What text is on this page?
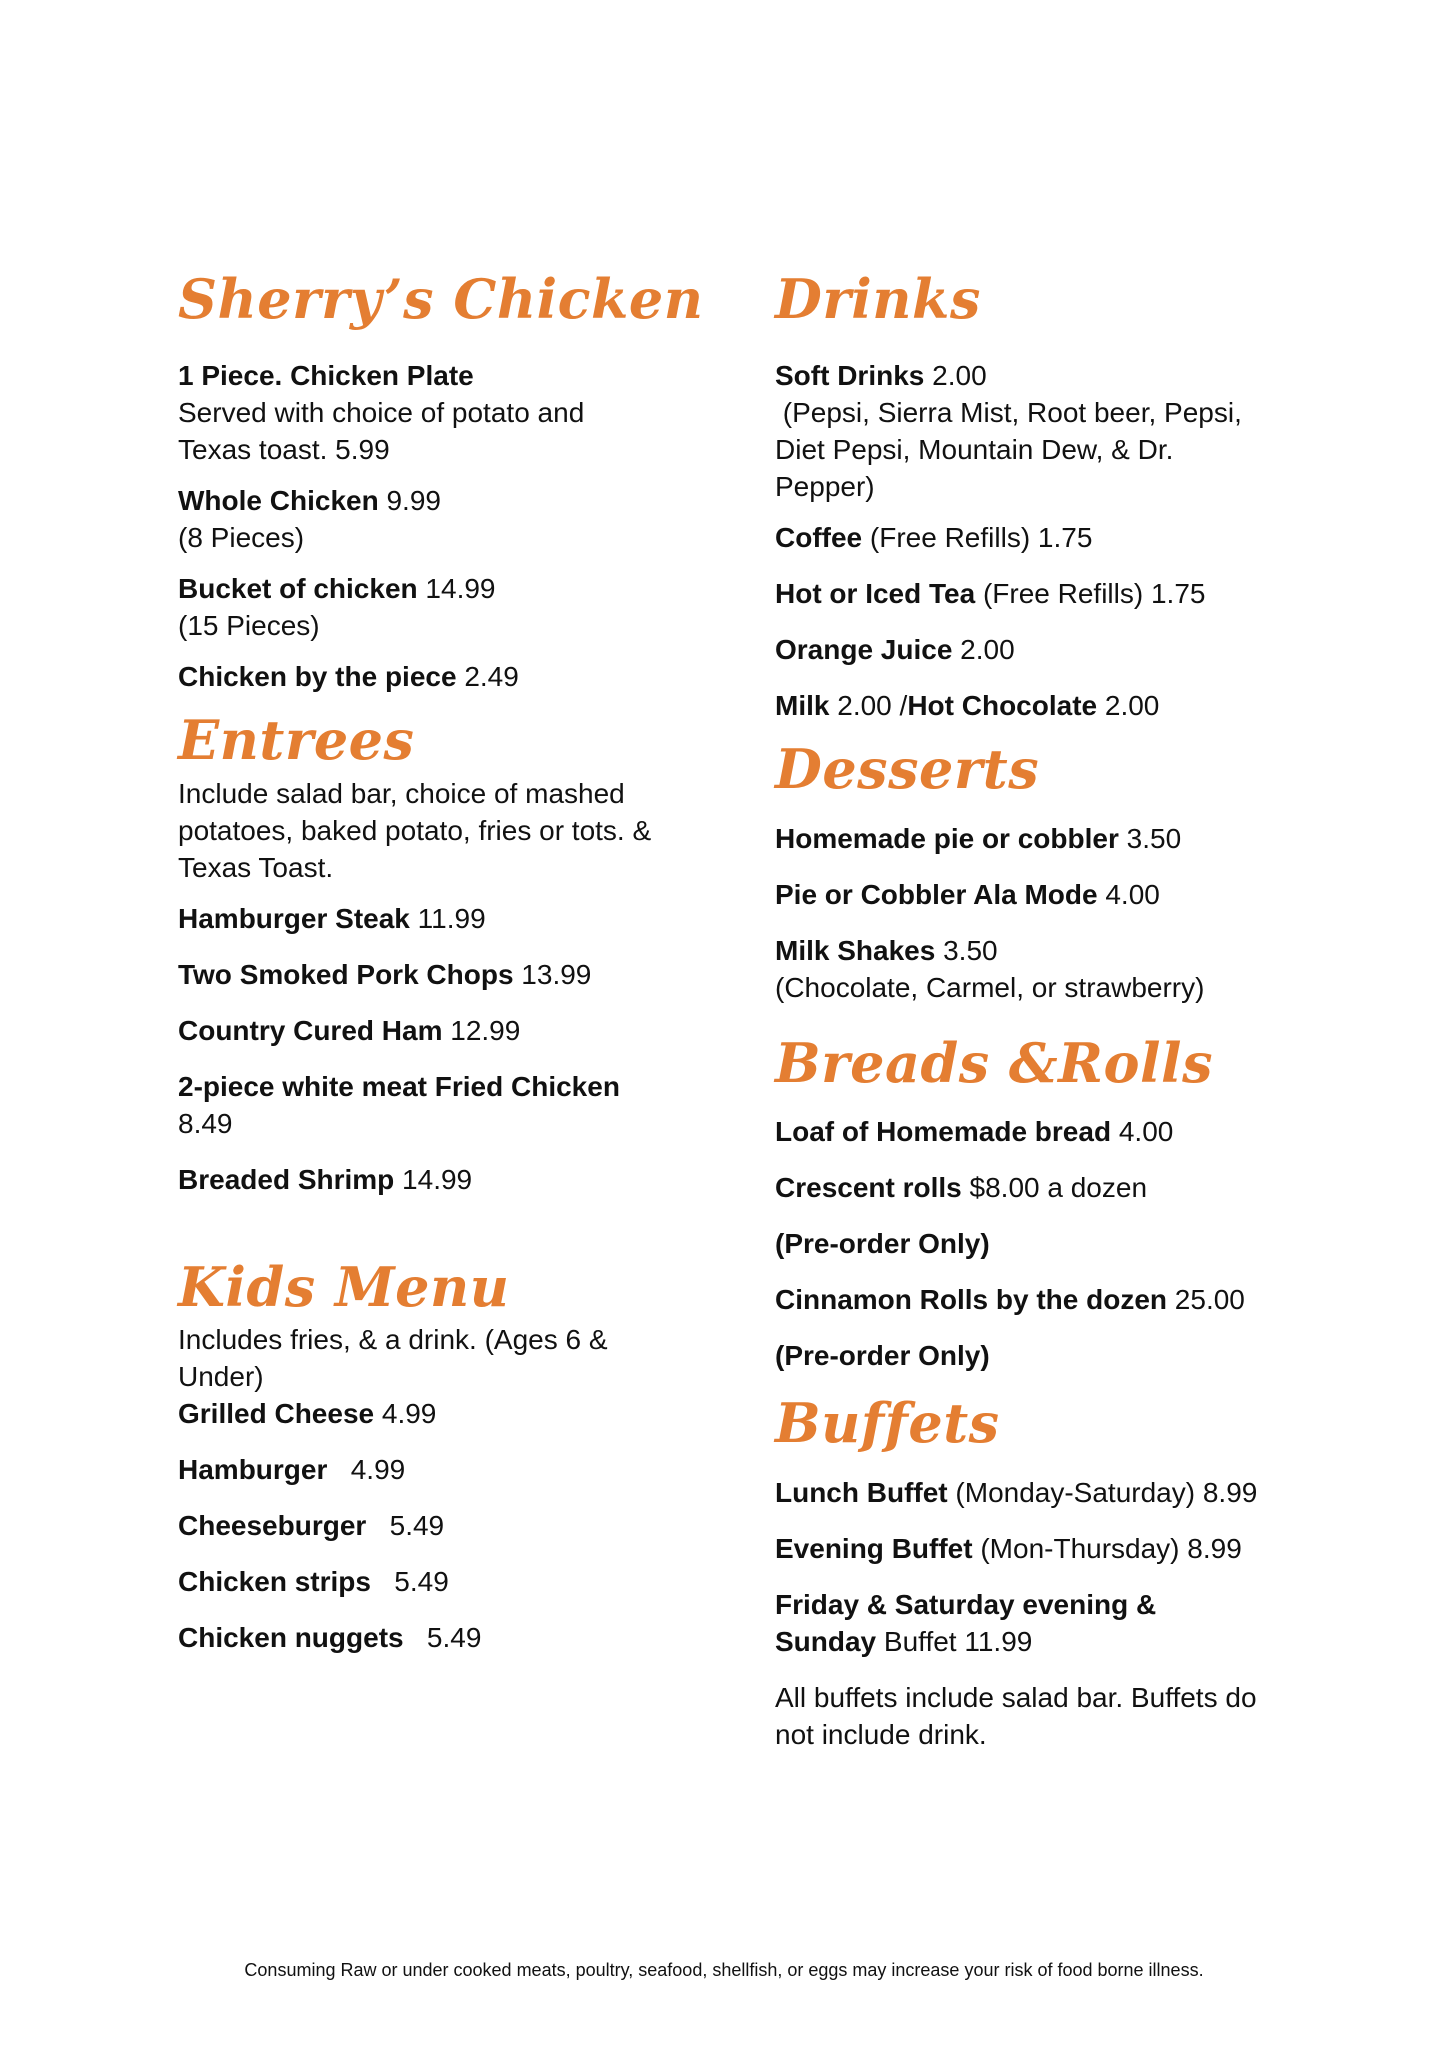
Sherry’s Chicken

1 Piece. Chicken Plate

Served with choice of potato and

Texas toast. 5.99

Whole Chicken 9.99

(8 Pieces)

Bucket of chicken 14.99

(15 Pieces)

Chicken by the piece 2.49

Entrees

Include salad bar, choice of mashed

potatoes, baked potato, fries or tots. &

Texas Toast.

Hamburger Steak 11.99

Two Smoked Pork Chops 13.99

Country Cured Ham 12.99

2-piece white meat Fried Chicken

8.49

Breaded Shrimp 14.99

Kids Menu

Includes fries, & a drink. (Ages 6 &

Under)

Grilled Cheese 4.99

Hamburger   4.99

Cheeseburger   5.49

Chicken strips   5.49

Chicken nuggets   5.49

Drinks

Soft Drinks 2.00

(Pepsi, Sierra Mist, Root beer, Pepsi,

Diet Pepsi, Mountain Dew, & Dr.

Pepper)

Coffee (Free Refills) 1.75

Hot or Iced Tea (Free Refills) 1.75

Orange Juice 2.00

Milk 2.00 /Hot Chocolate 2.00

Desserts

Homemade pie or cobbler 3.50

Pie or Cobbler Ala Mode 4.00

Milk Shakes 3.50

(Chocolate, Carmel, or strawberry)

Breads &Rolls

Loaf of Homemade bread 4.00

Crescent rolls $8.00 a dozen

(Pre-order Only)

Cinnamon Rolls by the dozen 25.00

(Pre-order Only)

Buffets

Lunch Buffet (Monday-Saturday) 8.99

Evening Buffet (Mon-Thursday) 8.99

Friday & Saturday evening &

Sunday Buffet 11.99

All buffets include salad bar. Buffets do

not include drink.

Consuming Raw or under cooked meats, poultry, seafood, shellfish, or eggs may increase your risk of food borne illness.
